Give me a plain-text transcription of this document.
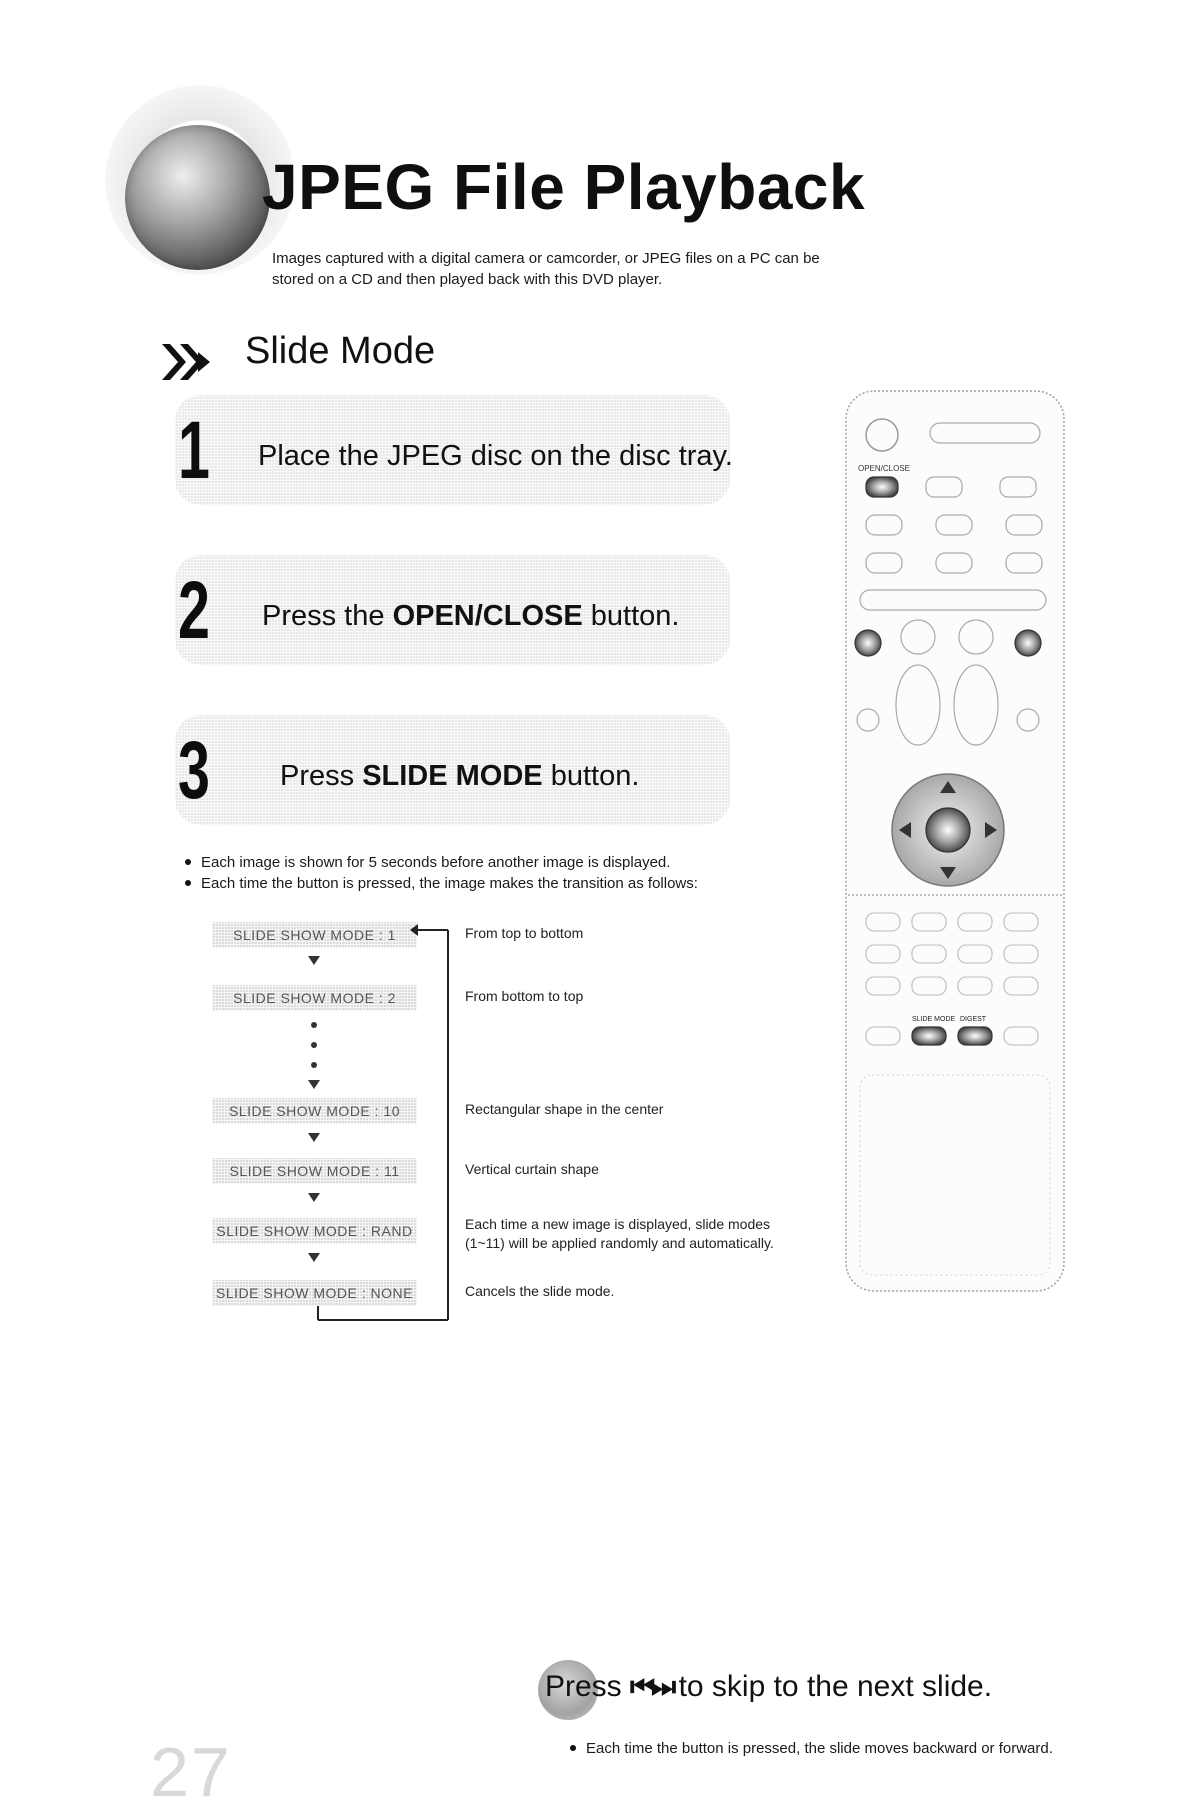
JPEG File Playback
Images captured with a digital camera or camcorder, or JPEG files on a PC can be
stored on a CD and then played back with this DVD player.
Slide Mode
1 Place the JPEG disc on the disc tray.
2 Press the OPEN/CLOSE button.
3 Press SLIDE MODE button.
Each image is shown for 5 seconds before another image is displayed.
Each time the button is pressed, the image makes the transition as follows:
SLIDE SHOW MODE : 1
SLIDE SHOW MODE : 2
SLIDE SHOW MODE : 10
SLIDE SHOW MODE : 11
SLIDE SHOW MODE : RAND
SLIDE SHOW MODE : NONE
From top to bottom
From bottom to top
Rectangular shape in the center
Vertical curtain shape
Each time a new image is displayed, slide modes
(1~11) will be applied randomly and automatically.
Cancels the slide mode.
OPEN/CLOSE
SLIDE MODE DIGEST
Press ⏮ ⏭ to skip to the next slide.
Each time the button is pressed, the slide moves backward or forward.
27
